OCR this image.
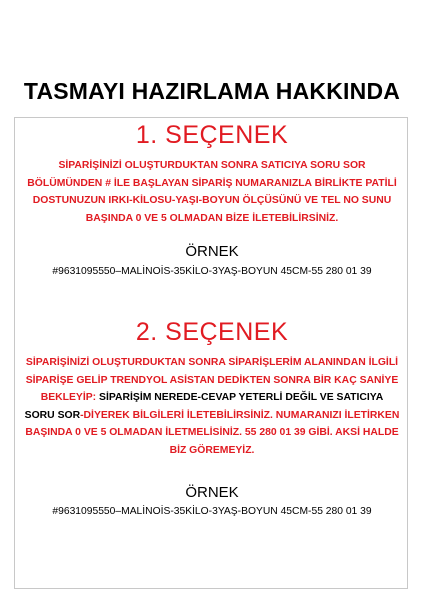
TASMAYI HAZIRLAMA HAKKINDA
1. SEÇENEK
SİPARİŞİNİZİ OLUŞTURDUKTAN SONRA SATICIYA SORU SOR
BÖLÜMÜNDEN # İLE BAŞLAYAN SİPARİŞ NUMARANIZLA BİRLİKTE PATİLİ
DOSTUNUZUN IRKI-KİLOSU-YAŞI-BOYUN ÖLÇÜSÜNÜ VE TEL NO SUNU
BAŞINDA 0 VE 5 OLMADAN BİZE İLETEBİLİRSİNİZ.
ÖRNEK
#9631095550–MALİNOİS-35KİLO-3YAŞ-BOYUN 45CM-55 280 01 39
2. SEÇENEK
SİPARİŞİNİZİ OLUŞTURDUKTAN SONRA SİPARİŞLERİM ALANINDAN İLGİLİ
SİPARİŞE GELİP TRENDYOL ASİSTAN DEDİKTEN SONRA BİR KAÇ SANİYE
BEKLEYİP: SİPARİŞİM NEREDE-CEVAP YETERLİ DEĞİL VE SATICIYA
SORU SOR-DİYEREK BİLGİLERİ İLETEBİLİRSİNİZ. NUMARANIZI İLETİRKEN
BAŞINDA 0 VE 5 OLMADAN İLETMELİSİNİZ. 55 280 01 39 GİBİ. AKSİ HALDE
BİZ GÖREMEYİZ.
ÖRNEK
#9631095550–MALİNOİS-35KİLO-3YAŞ-BOYUN 45CM-55 280 01 39
